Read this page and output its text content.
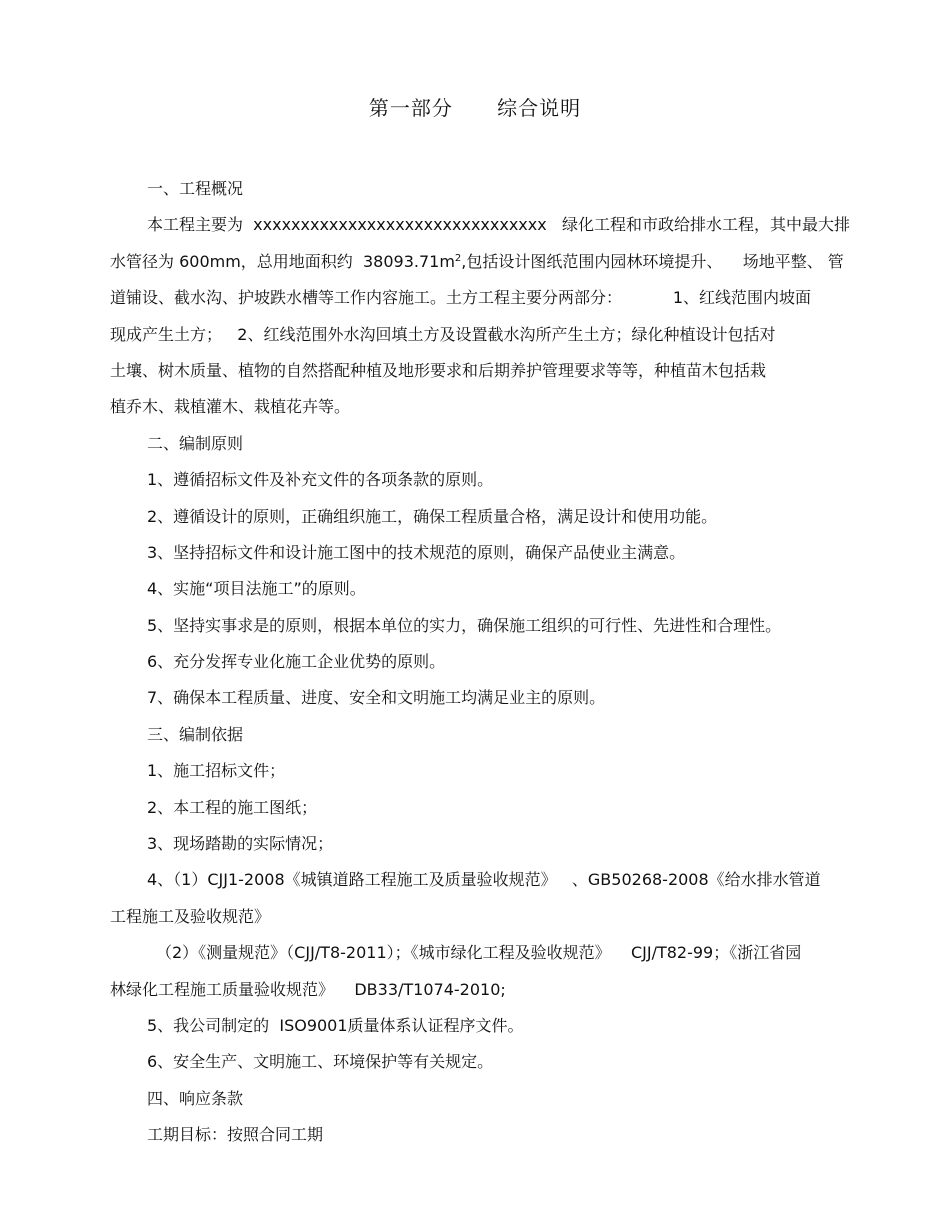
第一部分      综合说明
一、工程概况
本工程主要为  xxxxxxxxxxxxxxxxxxxxxxxxxxxxxxx   绿化工程和市政给排水工程，其中最大排
水管径为 600mm，总用地面积约  $38093.71m^2$,包括设计图纸范围内园林环境提升、    场地平整、 管
道铺设、截水沟、护坡跌水槽等工作内容施工。土方工程主要分两部分：          1、红线范围内坡面
现成产生土方；   2、红线范围外水沟回填土方及设置截水沟所产生土方；绿化种植设计包括对
土壤、树木质量、植物的自然搭配种植及地形要求和后期养护管理要求等等，种植苗木包括栽
植乔木、栽植灌木、栽植花卉等。
二、编制原则
1、遵循招标文件及补充文件的各项条款的原则。
2、遵循设计的原则，正确组织施工，确保工程质量合格，满足设计和使用功能。
3、坚持招标文件和设计施工图中的技术规范的原则，确保产品使业主满意。
4、实施“项目法施工”的原则。
5、坚持实事求是的原则，根据本单位的实力，确保施工组织的可行性、先进性和合理性。
6、充分发挥专业化施工企业优势的原则。
7、确保本工程质量、进度、安全和文明施工均满足业主的原则。
三、编制依据
1、施工招标文件；
2、本工程的施工图纸；
3、现场踏勘的实际情况；
4、（1）CJJ1-2008《城镇道路工程施工及质量验收规范》   、GB50268-2008《给水排水管道
工程施工及验收规范》
（2）《测量规范》（CJJ/T8-2011）；《城市绿化工程及验收规范》    CJJ/T82-99；《浙江省园
林绿化工程施工质量验收规范》    DB33/T1074-2010;
5、我公司制定的  ISO9001质量体系认证程序文件。
6、安全生产、文明施工、环境保护等有关规定。
四、响应条款
工期目标：按照合同工期
